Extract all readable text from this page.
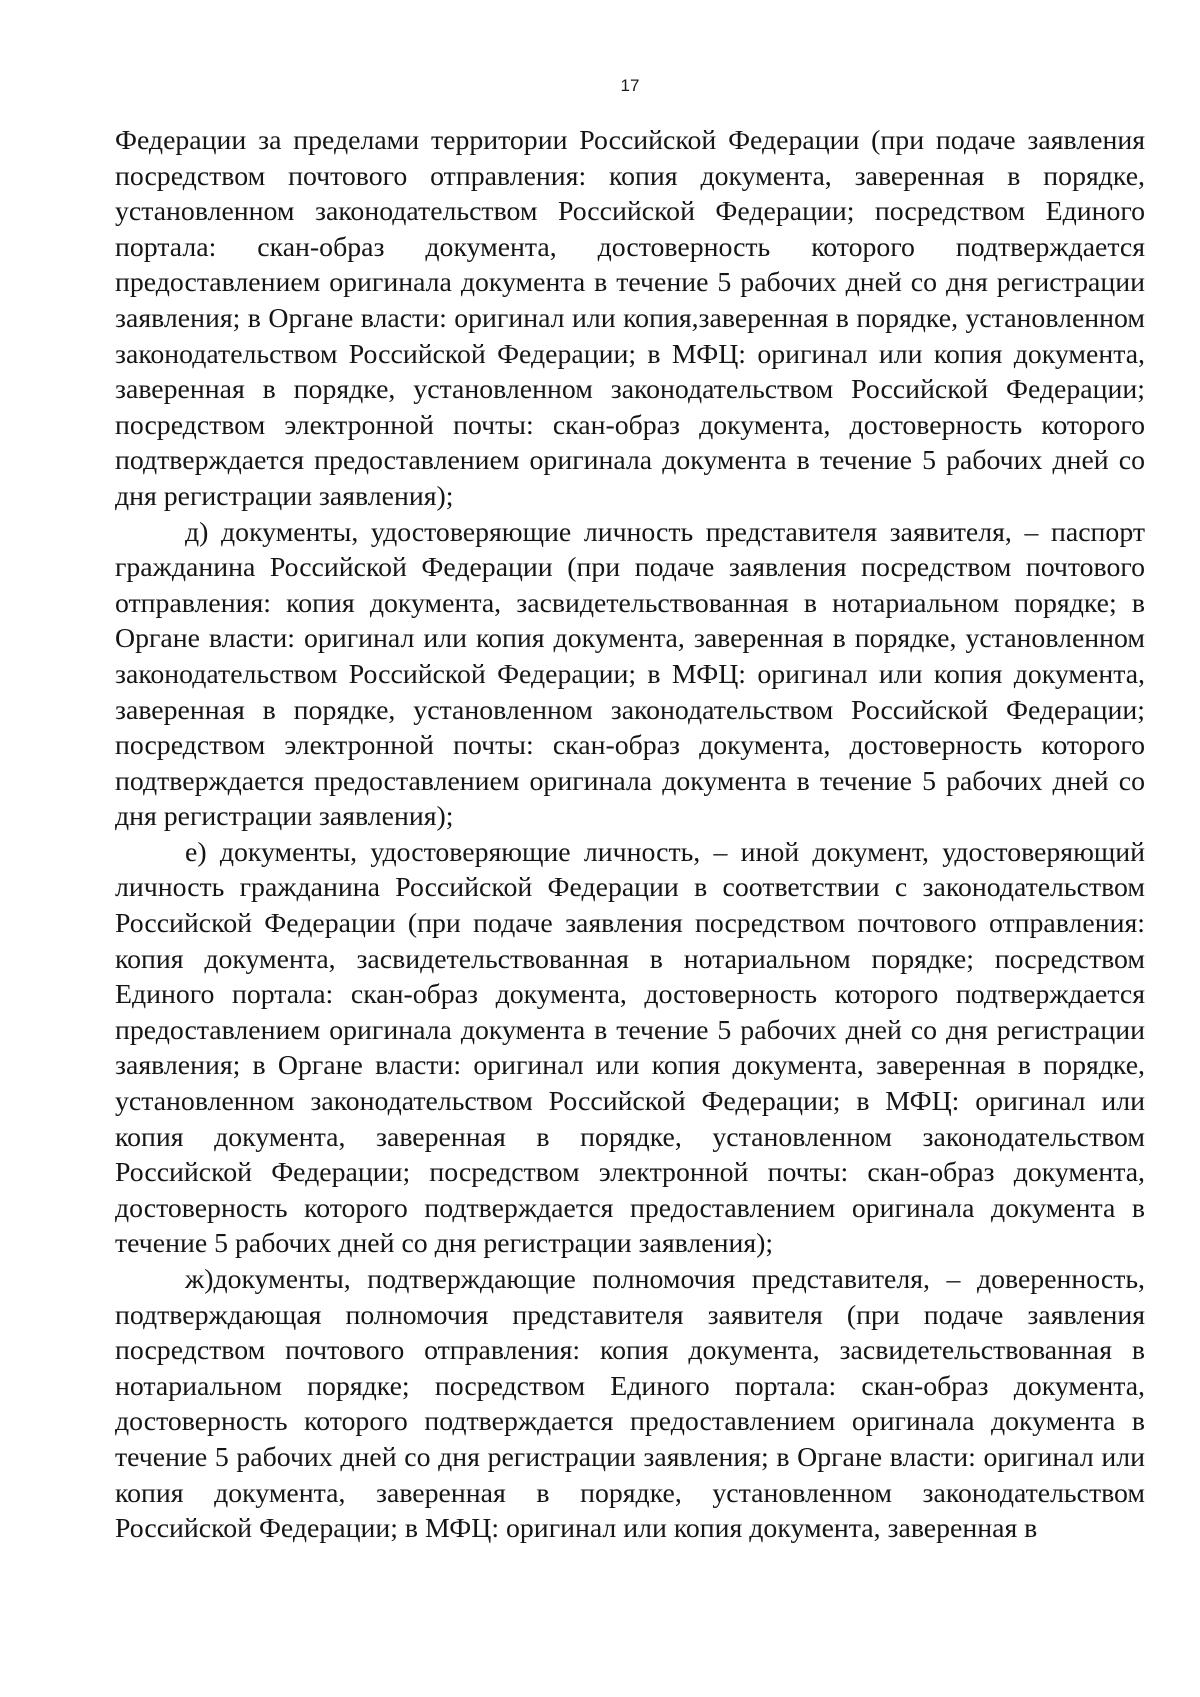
17

Федерации за пределами территории Российской Федерации (при подаче заявления посредством почтового отправления: копия документа, заверенная в порядке, установленном законодательством Российской Федерации; посредством Единого портала: скан-образ документа, достоверность которого подтверждается предоставлением оригинала документа в течение 5 рабочих дней со дня регистрации заявления; в Органе власти: оригинал или копия,заверенная в порядке, установленном законодательством Российской Федерации; в МФЦ: оригинал или копия документа, заверенная в порядке, установленном законодательством Российской Федерации; посредством электронной почты: скан-образ документа, достоверность которого подтверждается предоставлением оригинала документа в течение 5 рабочих дней со дня регистрации заявления);

д) документы, удостоверяющие личность представителя заявителя, – паспорт гражданина Российской Федерации (при подаче заявления посредством почтового отправления: копия документа, засвидетельствованная в нотариальном порядке; в Органе власти: оригинал или копия документа, заверенная в порядке, установленном законодательством Российской Федерации; в МФЦ: оригинал или копия документа, заверенная в порядке, установленном законодательством Российской Федерации; посредством электронной почты: скан-образ документа, достоверность которого подтверждается предоставлением оригинала документа в течение 5 рабочих дней со дня регистрации заявления);

е) документы, удостоверяющие личность, – иной документ, удостоверяющий личность гражданина Российской Федерации в соответствии с законодательством Российской Федерации (при подаче заявления посредством почтового отправления: копия документа, засвидетельствованная в нотариальном порядке; посредством Единого портала: скан-образ документа, достоверность которого подтверждается предоставлением оригинала документа в течение 5 рабочих дней со дня регистрации заявления; в Органе власти: оригинал или копия документа, заверенная в порядке, установленном законодательством Российской Федерации; в МФЦ: оригинал или копия документа, заверенная в порядке, установленном законодательством Российской Федерации; посредством электронной почты: скан-образ документа, достоверность которого подтверждается предоставлением оригинала документа в течение 5 рабочих дней со дня регистрации заявления);

ж)документы, подтверждающие полномочия представителя, – доверенность, подтверждающая полномочия представителя заявителя (при подаче заявления посредством почтового отправления: копия документа, засвидетельствованная в нотариальном порядке; посредством Единого портала: скан-образ документа, достоверность которого подтверждается предоставлением оригинала документа в течение 5 рабочих дней со дня регистрации заявления; в Органе власти: оригинал или копия документа, заверенная в порядке, установленном законодательством Российской Федерации; в МФЦ: оригинал или копия документа, заверенная в
